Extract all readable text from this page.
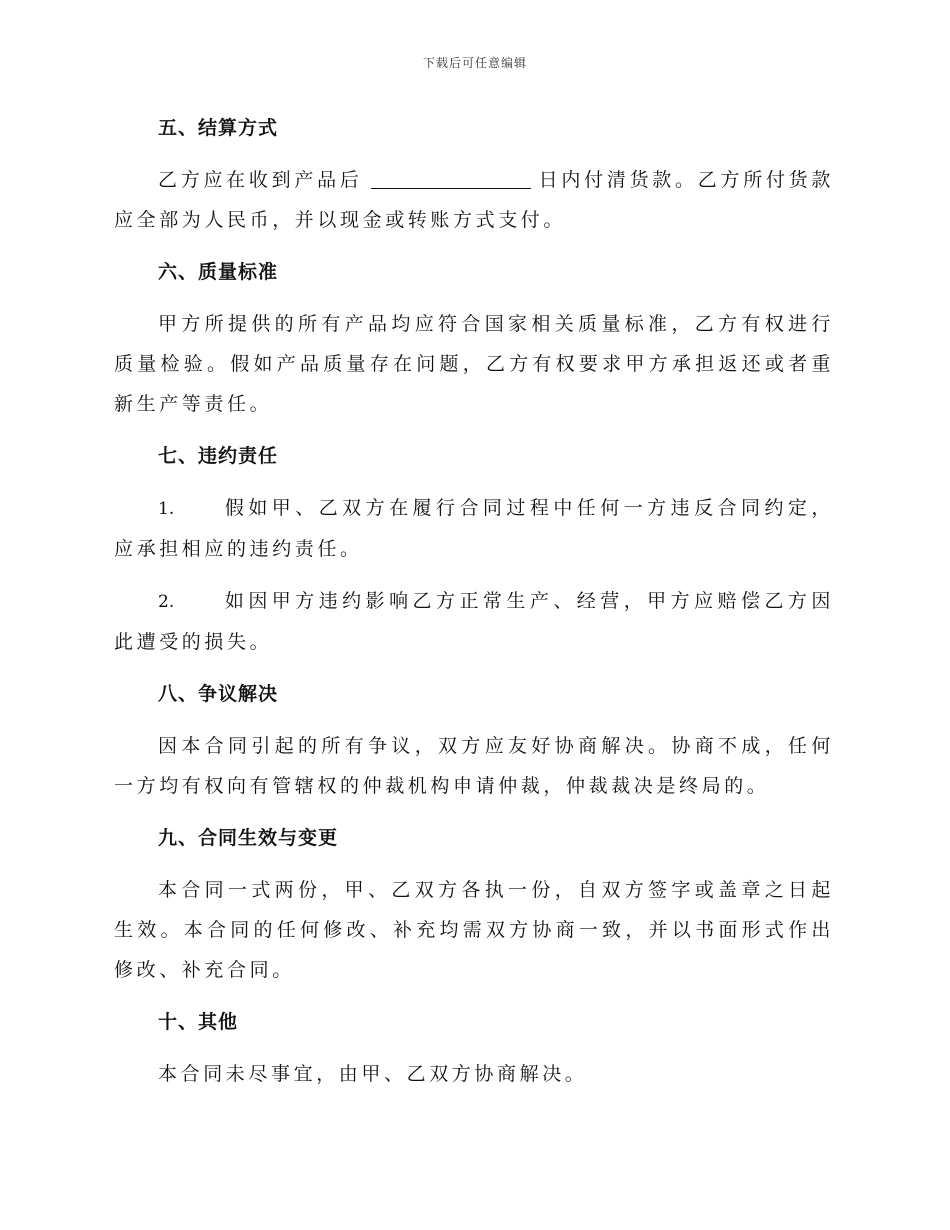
下载后可任意编辑
五、结算方式

乙方应在收到产品后	日内付清货款。乙方所付货款应全部为人民币，并以现金或转账方式支付。

六、质量标准

甲方所提供的所有产品均应符合国家相关质量标准，乙方有权进行质量检验。假如产品质量存在问题，乙方有权要求甲方承担返还或者重新生产等责任。

七、违约责任

1.	假如甲、乙双方在履行合同过程中任何一方违反合同约定，应承担相应的违约责任。

2.	如因甲方违约影响乙方正常生产、经营，甲方应赔偿乙方因此遭受的损失。

八、争议解决

因本合同引起的所有争议，双方应友好协商解决。协商不成，任何一方均有权向有管辖权的仲裁机构申请仲裁，仲裁裁决是终局的。

九、合同生效与变更

本合同一式两份，甲、乙双方各执一份，自双方签字或盖章之日起生效。本合同的任何修改、补充均需双方协商一致，并以书面形式作出修改、补充合同。

十、其他

本合同未尽事宜，由甲、乙双方协商解决。
